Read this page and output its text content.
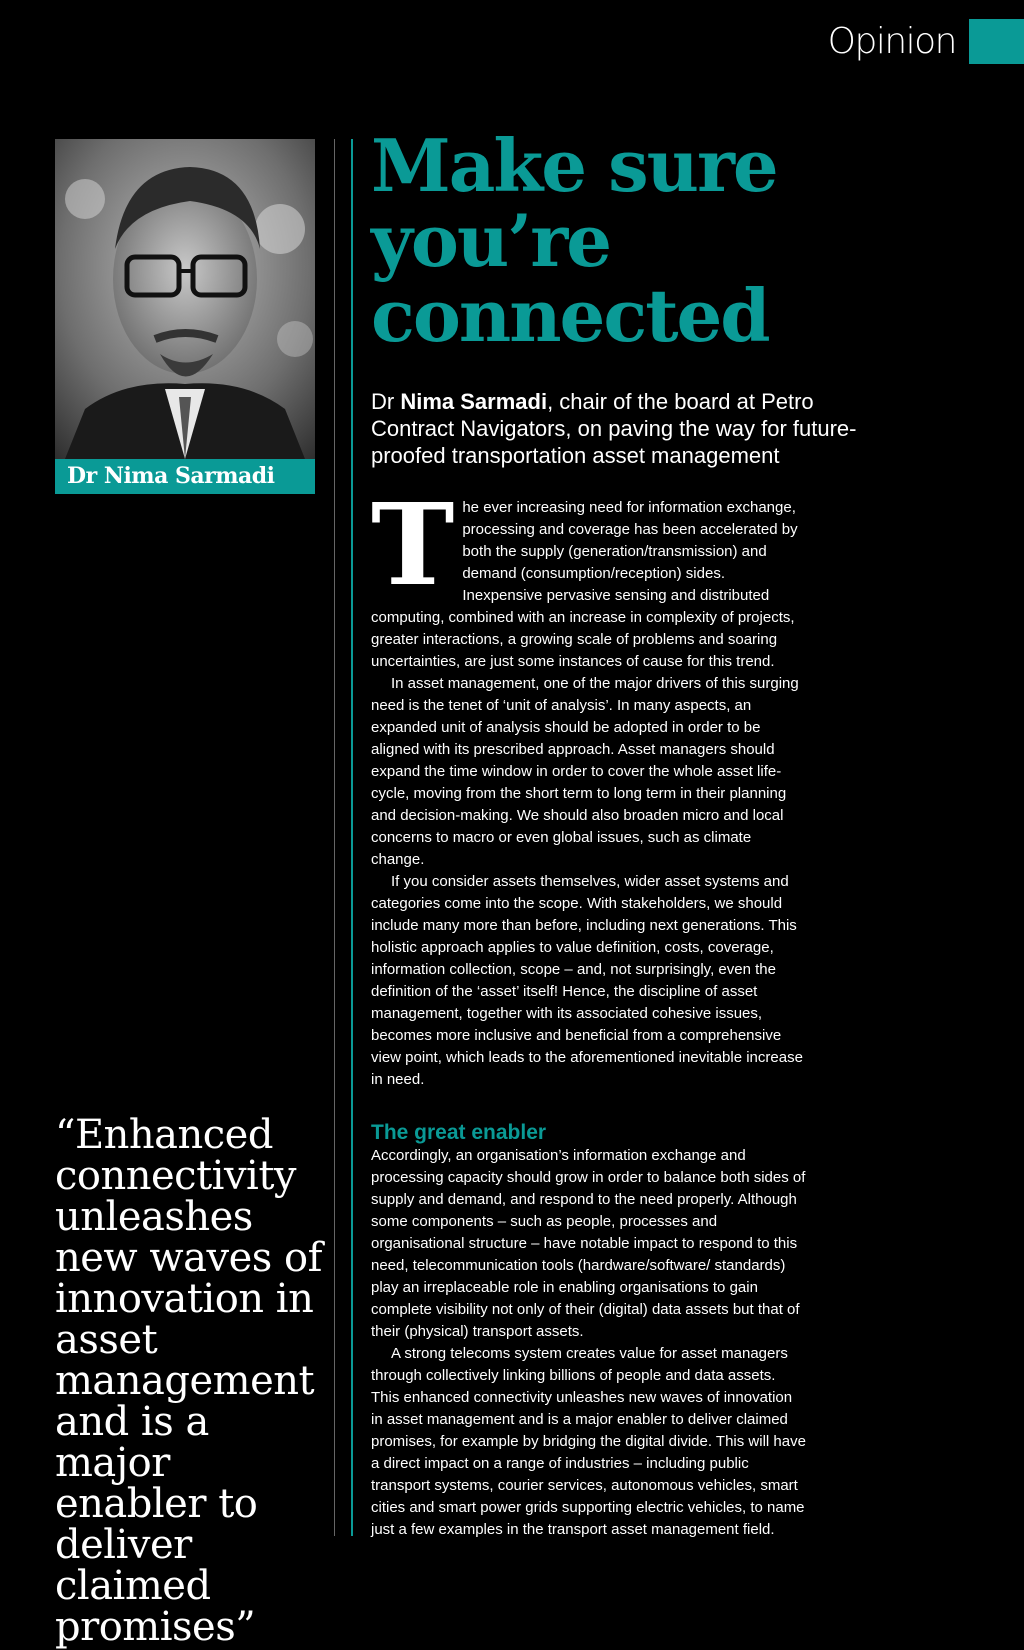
Opinion
Dr Nima Sarmadi
Make sure
you’re
connected

Dr Nima Sarmadi, chair of the board at Petro Contract Navigators, on paving the way for future-proofed transportation asset management

T he ever increasing need for information exchange, processing and coverage has been accelerated by both the supply (generation/transmission) and demand (consumption/reception) sides. Inexpensive pervasive sensing and distributed computing, combined with an increase in complexity of projects, greater interactions, a growing scale of problems and soaring uncertainties, are just some instances of cause for this trend.

In asset management, one of the major drivers of this surging need is the tenet of ‘unit of analysis’. In many aspects, an expanded unit of analysis should be adopted in order to be aligned with its prescribed approach. Asset managers should expand the time window in order to cover the whole asset life-cycle, moving from the short term to long term in their planning and decision-making. We should also broaden micro and local concerns to macro or even global issues, such as climate change.

If you consider assets themselves, wider asset systems and categories come into the scope. With stakeholders, we should include many more than before, including next generations. This holistic approach applies to value definition, costs, coverage, information collection, scope – and, not surprisingly, even the definition of the ‘asset’ itself! Hence, the discipline of asset management, together with its associated cohesive issues, becomes more inclusive and beneficial from a comprehensive view point, which leads to the aforementioned inevitable increase in need.

The great enabler

Accordingly, an organisation’s information exchange and processing capacity should grow in order to balance both sides of supply and demand, and respond to the need properly. Although some components – such as people, processes and organisational structure – have notable impact to respond to this need, telecommunication tools (hardware/software/ standards) play an irreplaceable role in enabling organisations to gain complete visibility not only of their (digital) data assets but that of their (physical) transport assets.

A strong telecoms system creates value for asset managers through collectively linking billions of people and data assets. This enhanced connectivity unleashes new waves of innovation in asset management and is a major enabler to deliver claimed promises, for example by bridging the digital divide. This will have a direct impact on a range of industries – including public transport systems, courier services, autonomous vehicles, smart cities and smart power grids supporting electric vehicles, to name just a few examples in the transport asset management field.

“Enhanced connectivity unleashes new waves of innovation in asset management and is a major enabler to deliver claimed promises”
